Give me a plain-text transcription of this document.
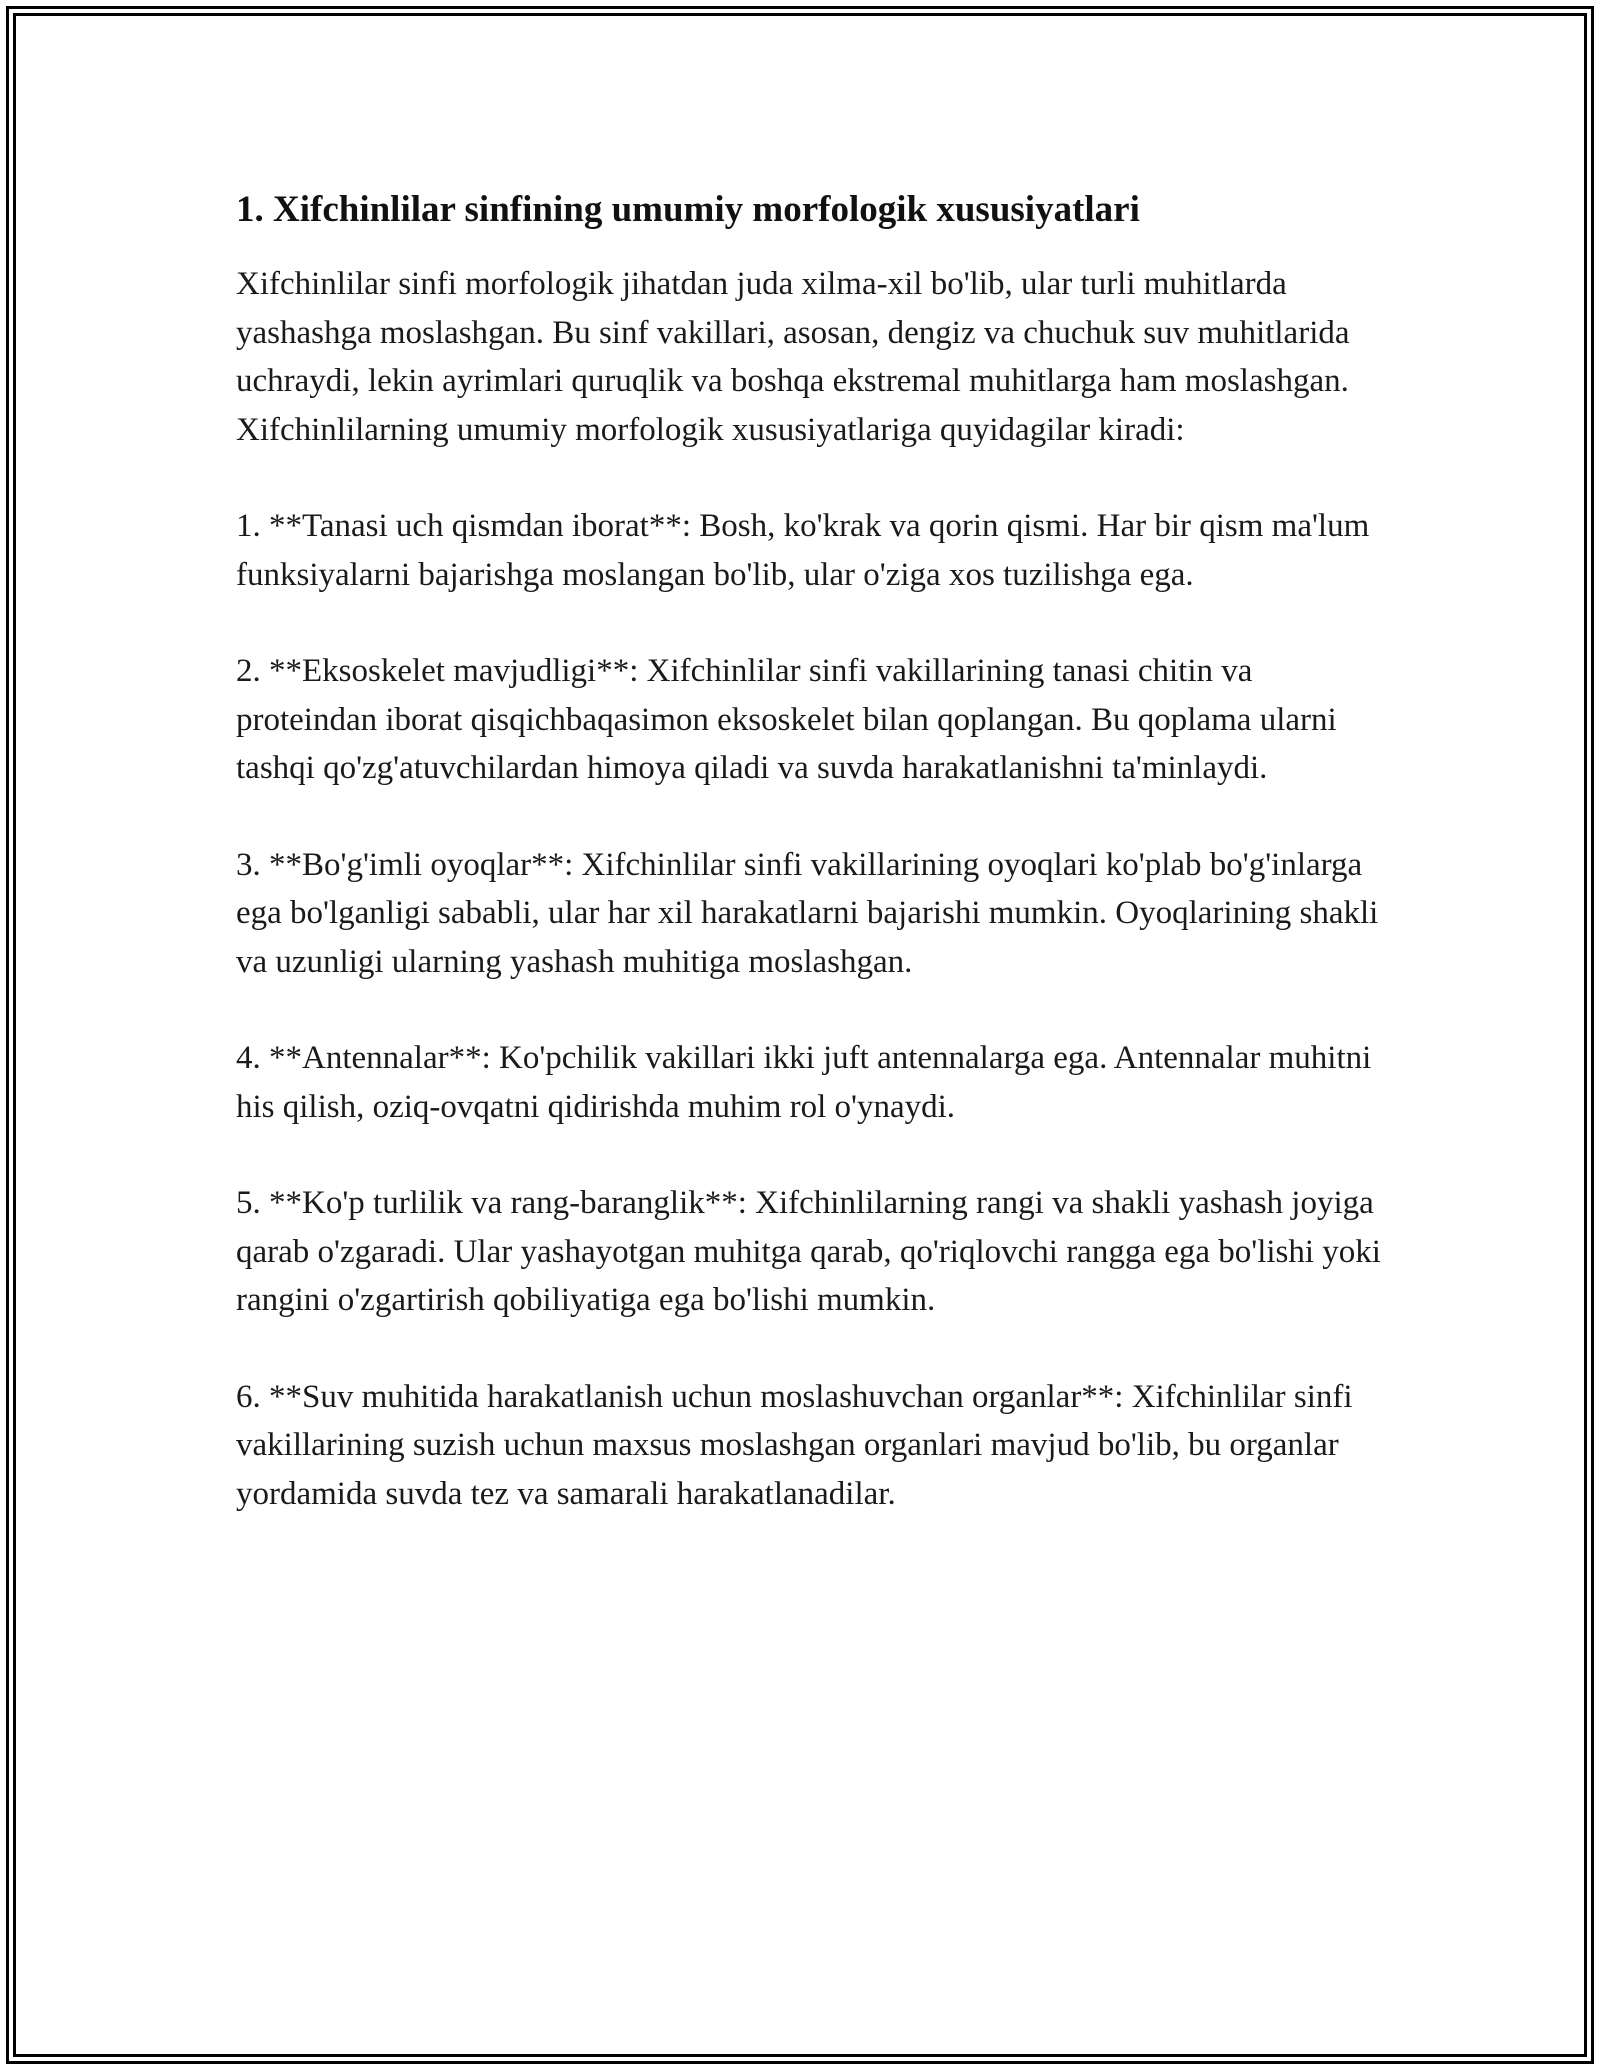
1. Xifchinlilar sinfining umumiy morfologik xususiyatlari

Xifchinlilar sinfi morfologik jihatdan juda xilma-xil bo'lib, ular turli muhitlarda yashashga moslashgan. Bu sinf vakillari, asosan, dengiz va chuchuk suv muhitlarida uchraydi, lekin ayrimlari quruqlik va boshqa ekstremal muhitlarga ham moslashgan. Xifchinlilarning umumiy morfologik xususiyatlariga quyidagilar kiradi:

1. **Tanasi uch qismdan iborat**: Bosh, ko'krak va qorin qismi. Har bir qism ma'lum funksiyalarni bajarishga moslangan bo'lib, ular o'ziga xos tuzilishga ega.

2. **Eksoskelet mavjudligi**: Xifchinlilar sinfi vakillarining tanasi chitin va proteindan iborat qisqichbaqasimon eksoskelet bilan qoplangan. Bu qoplama ularni tashqi qo'zg'atuvchilardan himoya qiladi va suvda harakatlanishni ta'minlaydi.

3. **Bo'g'imli oyoqlar**: Xifchinlilar sinfi vakillarining oyoqlari ko'plab bo'g'inlarga ega bo'lganligi sababli, ular har xil harakatlarni bajarishi mumkin. Oyoqlarining shakli va uzunligi ularning yashash muhitiga moslashgan.

4. **Antennalar**: Ko'pchilik vakillari ikki juft antennalarga ega. Antennalar muhitni his qilish, oziq-ovqatni qidirishda muhim rol o'ynaydi.

5. **Ko'p turlilik va rang-baranglik**: Xifchinlilarning rangi va shakli yashash joyiga qarab o'zgaradi. Ular yashayotgan muhitga qarab, qo'riqlovchi rangga ega bo'lishi yoki rangini o'zgartirish qobiliyatiga ega bo'lishi mumkin.

6. **Suv muhitida harakatlanish uchun moslashuvchan organlar**: Xifchinlilar sinfi vakillarining suzish uchun maxsus moslashgan organlari mavjud bo'lib, bu organlar yordamida suvda tez va samarali harakatlanadilar.
